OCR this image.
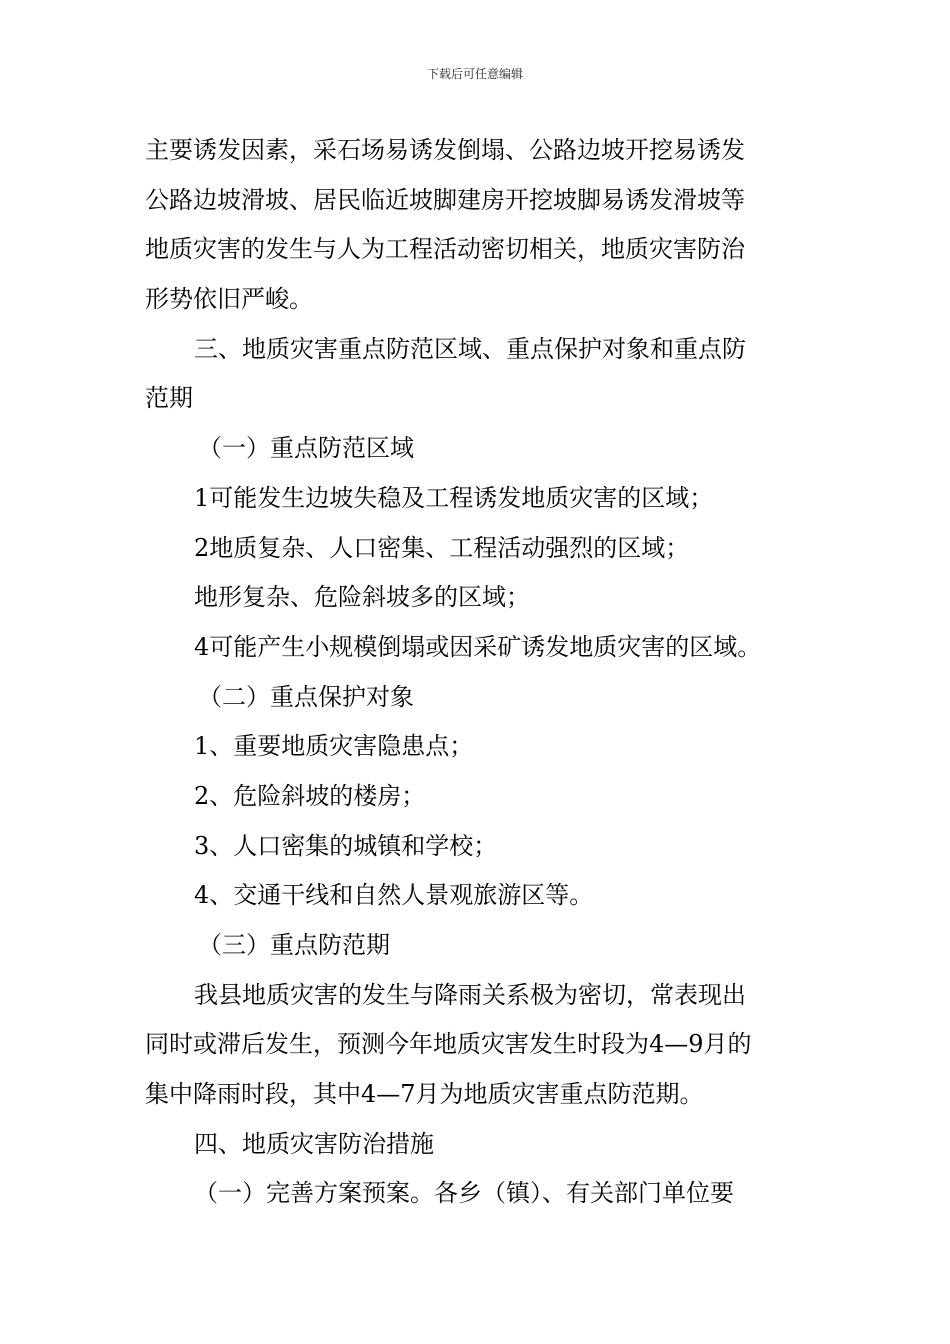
下载后可任意编辑
主要诱发因素，采石场易诱发倒塌、公路边坡开挖易诱发
公路边坡滑坡、居民临近坡脚建房开挖坡脚易诱发滑坡等
地质灾害的发生与人为工程活动密切相关，地质灾害防治
形势依旧严峻。
三、地质灾害重点防范区域、重点保护对象和重点防
范期
（一）重点防范区域
1可能发生边坡失稳及工程诱发地质灾害的区域；
2地质复杂、人口密集、工程活动强烈的区域；
地形复杂、危险斜坡多的区域；
4可能产生小规模倒塌或因采矿诱发地质灾害的区域。
（二）重点保护对象
1、重要地质灾害隐患点；
2、危险斜坡的楼房；
3、人口密集的城镇和学校；
4、交通干线和自然人景观旅游区等。
（三）重点防范期
我县地质灾害的发生与降雨关系极为密切，常表现出
同时或滞后发生，预测今年地质灾害发生时段为4—9月的
集中降雨时段，其中4—7月为地质灾害重点防范期。
四、地质灾害防治措施
（一）完善方案预案。各乡（镇）、有关部门单位要
